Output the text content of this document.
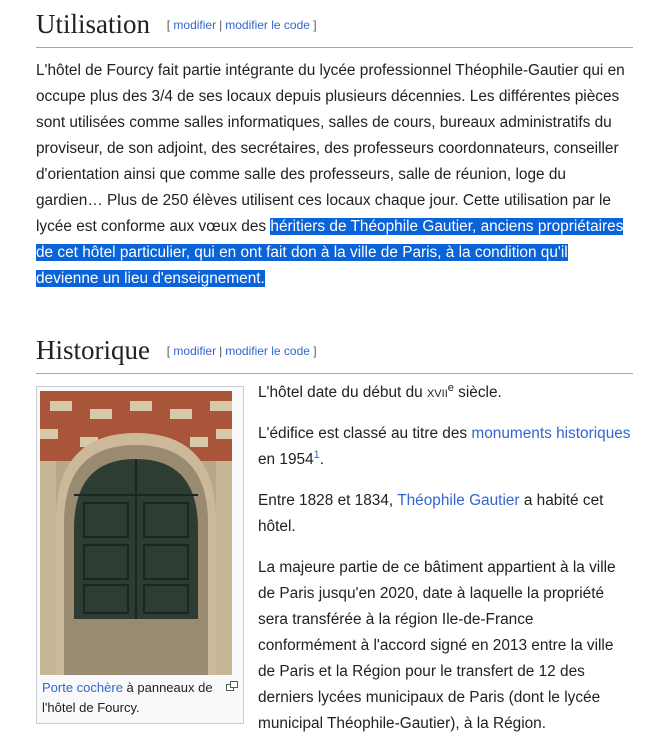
Utilisation [ modifier | modifier le code ]

L'hôtel de Fourcy fait partie intégrante du lycée professionnel Théophile-Gautier qui en occupe plus des 3/4 de ses locaux depuis plusieurs décennies. Les différentes pièces sont utilisées comme salles informatiques, salles de cours, bureaux administratifs du proviseur, de son adjoint, des secrétaires, des professeurs coordonnateurs, conseiller d'orientation ainsi que comme salle des professeurs, salle de réunion, loge du gardien… Plus de 250 élèves utilisent ces locaux chaque jour. Cette utilisation par le lycée est conforme aux vœux des héritiers de Théophile Gautier, anciens propriétaires de cet hôtel particulier, qui en ont fait don à la ville de Paris, à la condition qu'il devienne un lieu d'enseignement.

Historique [ modifier | modifier le code ]
Porte cochère à panneaux de l'hôtel de Fourcy.

L'hôtel date du début du xvii$^e$ siècle.

L'édifice est classé au titre des monuments historiques en 1954$^1$.

Entre 1828 et 1834, Théophile Gautier a habité cet hôtel.

La majeure partie de ce bâtiment appartient à la ville de Paris jusqu'en 2020, date à laquelle la propriété sera transférée à la région Ile-de-France conformément à l'accord signé en 2013 entre la ville de Paris et la Région pour le transfert de 12 des derniers lycées municipaux de Paris (dont le lycée municipal Théophile-Gautier), à la Région.
